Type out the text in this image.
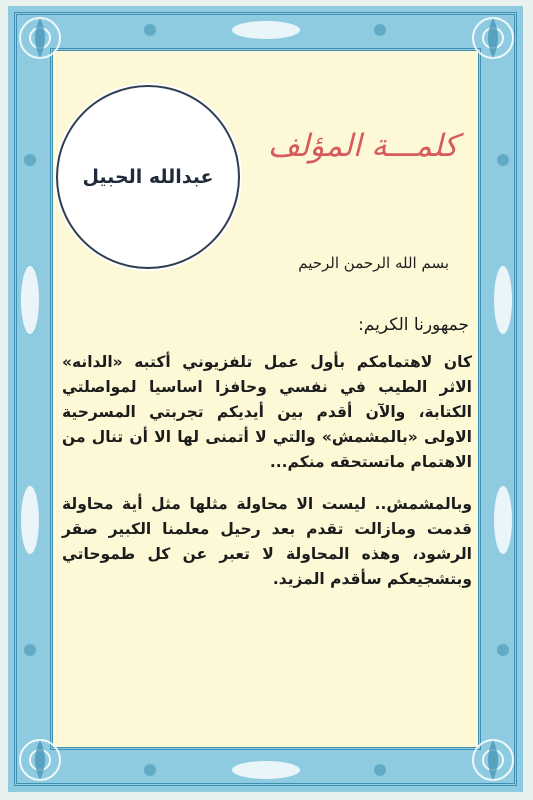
عبدالله الحبيل
كلمـــة المؤلف
بسم الله الرحمن الرحيم
جمهورنا الكريم:
كان لاهتمامكم بأول عمل تلفزيوني أكتبه «الدانه» الاثر الطيب في نفسي وحافزا اساسيا لمواصلتي الكتابة، والآن أقدم بين أيديكم تجربتي المسرحية الاولى «بالمشمش» والتي لا أتمنى لها الا أن تنال من الاهتمام ماتستحقه منكم...
وبالمشمش.. ليست الا محاولة مثلها مثل أية محاولة قدمت ومازالت تقدم بعد رحيل معلمنا الكبير صقر الرشود، وهذه المحاولة لا تعبر عن كل طموحاتي وبتشجيعكم سأقدم المزيد.
